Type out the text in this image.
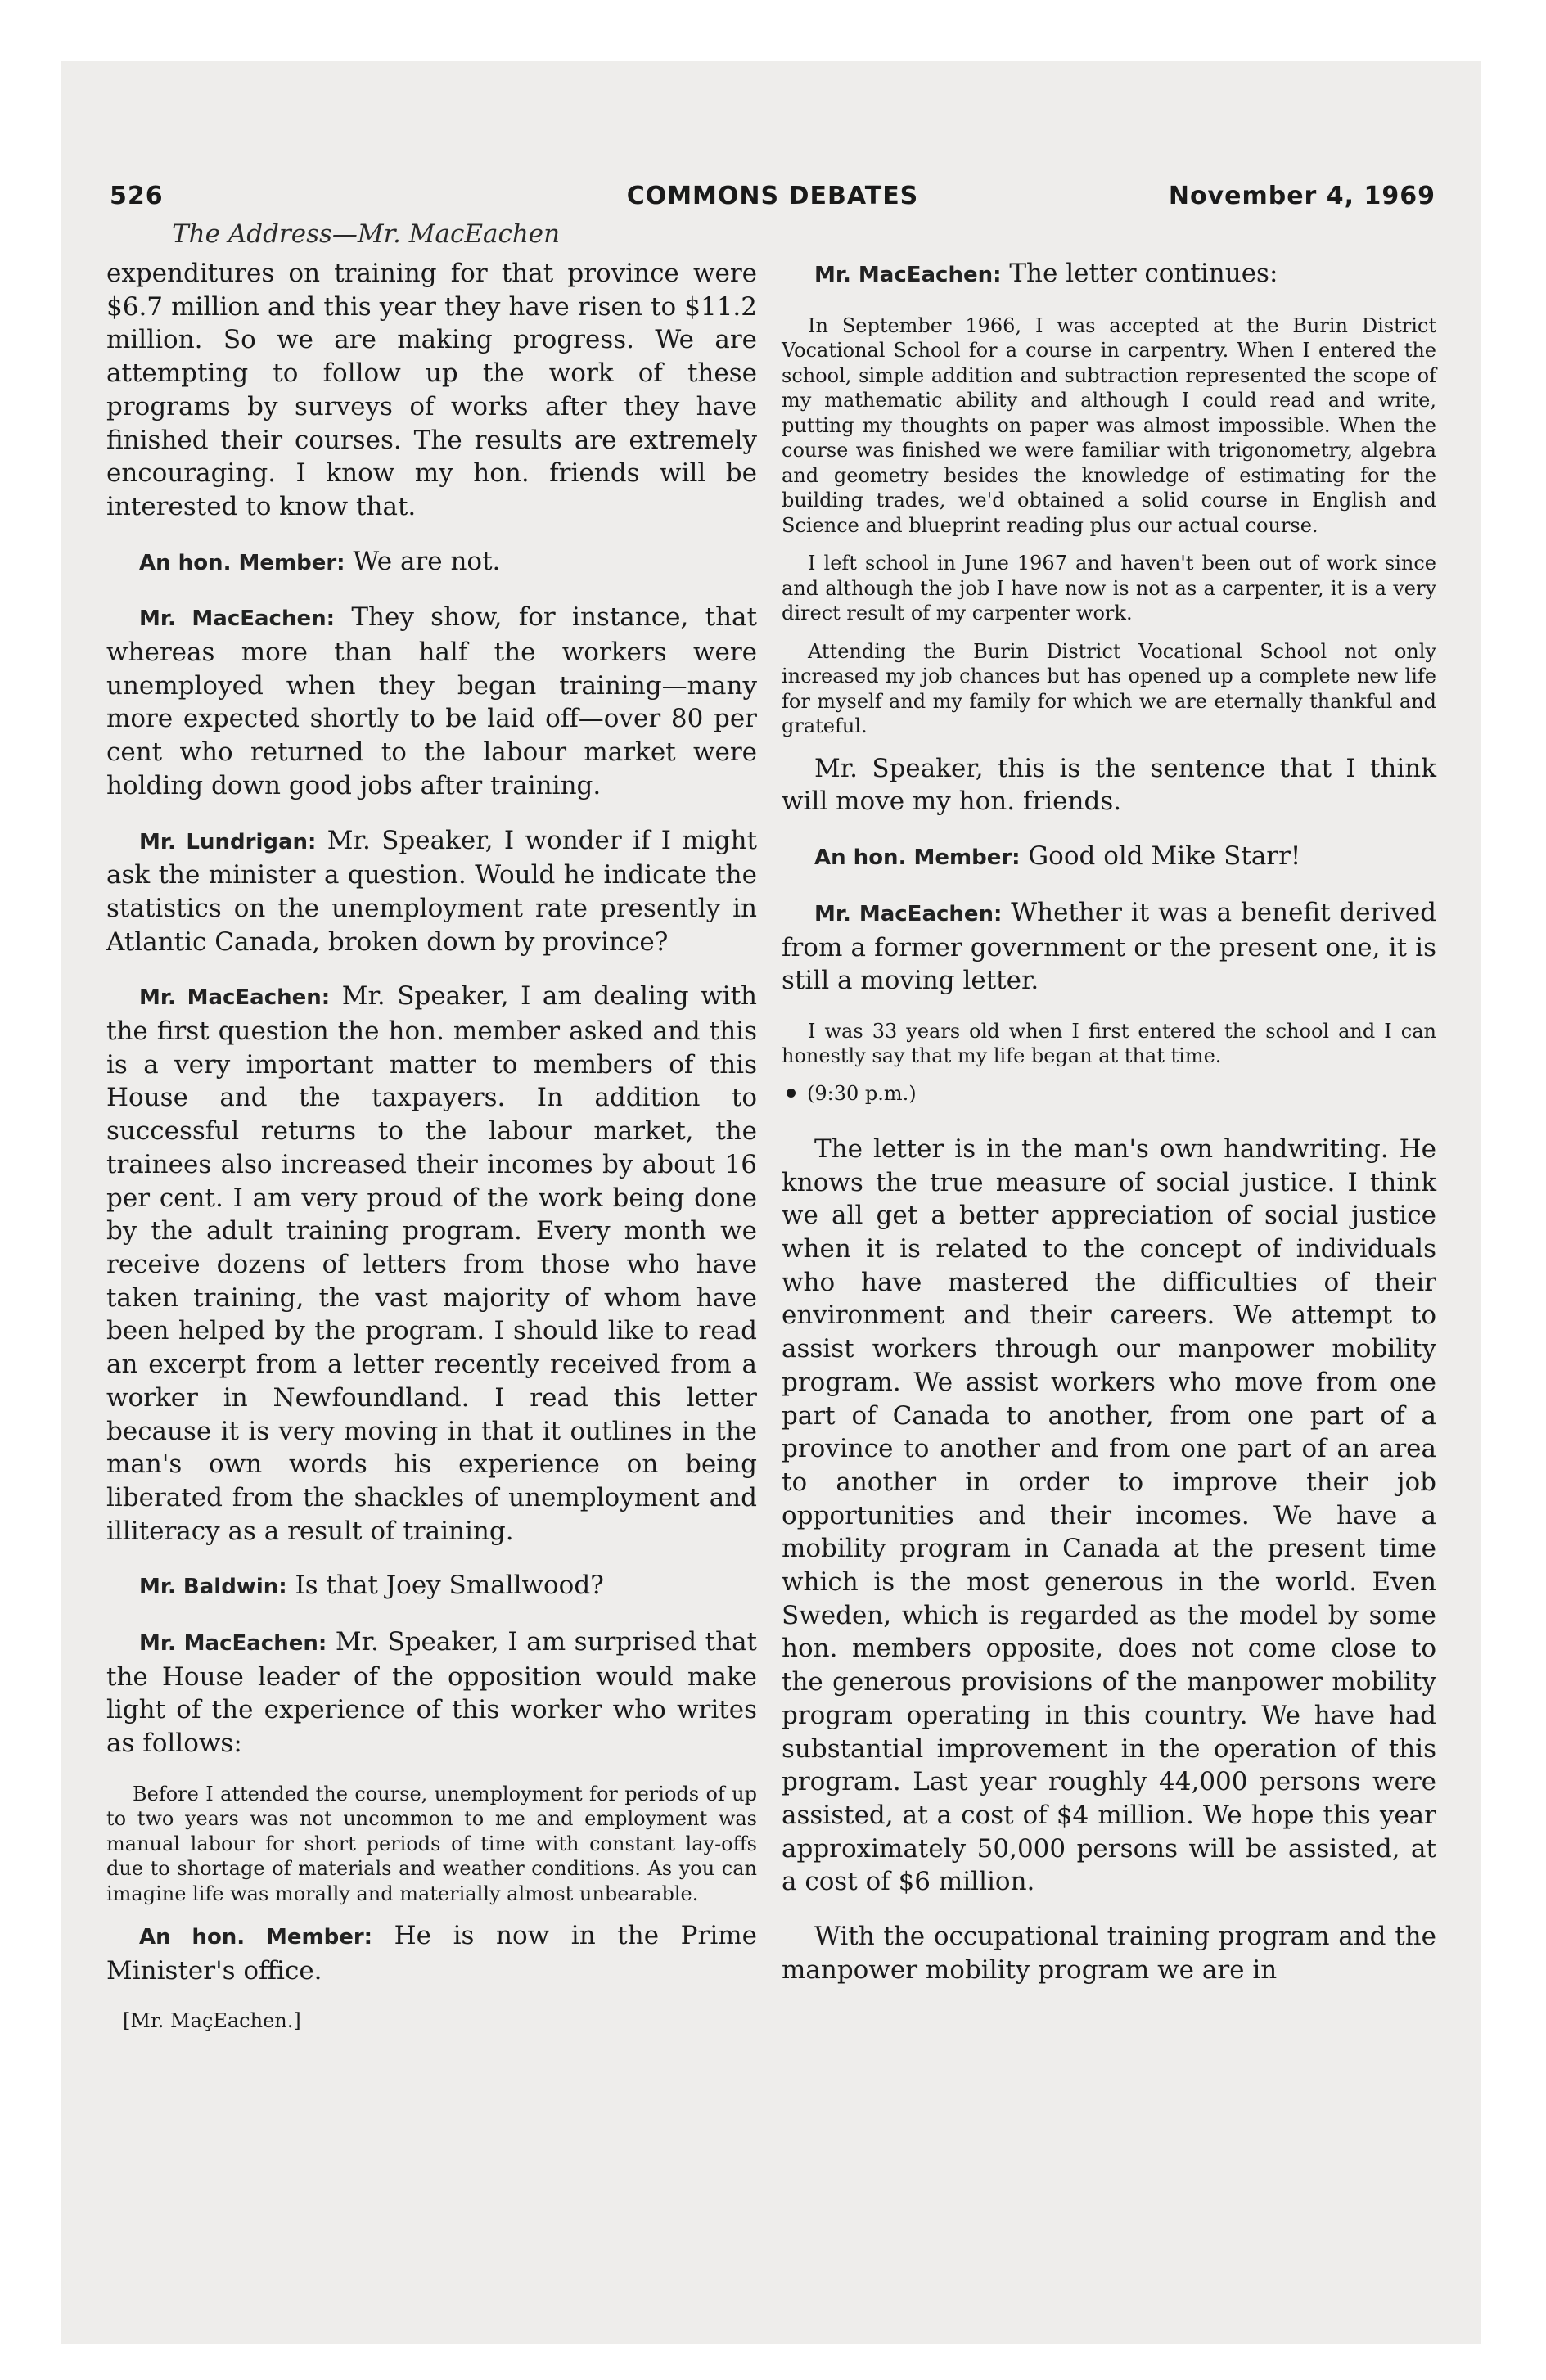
526	COMMONS DEBATES	November 4, 1969
The Address—Mr. MacEachen

expenditures on training for that province were $6.7 million and this year they have risen to $11.2 million. So we are making progress. We are attempting to follow up the work of these programs by surveys of works after they have finished their courses. The results are extremely encouraging. I know my hon. friends will be interested to know that.

An hon. Member: We are not.

Mr. MacEachen: They show, for instance, that whereas more than half the workers were unemployed when they began training—many more expected shortly to be laid off—over 80 per cent who returned to the labour market were holding down good jobs after training.

Mr. Lundrigan: Mr. Speaker, I wonder if I might ask the minister a question. Would he indicate the statistics on the unemployment rate presently in Atlantic Canada, broken down by province?

Mr. MacEachen: Mr. Speaker, I am dealing with the first question the hon. member asked and this is a very important matter to members of this House and the taxpayers. In addition to successful returns to the labour market, the trainees also increased their incomes by about 16 per cent. I am very proud of the work being done by the adult training program. Every month we receive dozens of letters from those who have taken training, the vast majority of whom have been helped by the program. I should like to read an excerpt from a letter recently received from a worker in Newfoundland. I read this letter because it is very moving in that it outlines in the man's own words his experience on being liberated from the shackles of unemployment and illiteracy as a result of training.

Mr. Baldwin: Is that Joey Smallwood?

Mr. MacEachen: Mr. Speaker, I am surprised that the House leader of the opposition would make light of the experience of this worker who writes as follows:

Before I attended the course, unemployment for periods of up to two years was not uncommon to me and employment was manual labour for short periods of time with constant lay-offs due to shortage of materials and weather conditions. As you can imagine life was morally and materially almost unbearable.

An hon. Member: He is now in the Prime Minister's office.

[Mr. MaçEachen.]

Mr. MacEachen: The letter continues:

In September 1966, I was accepted at the Burin District Vocational School for a course in carpentry. When I entered the school, simple addition and subtraction represented the scope of my mathematic ability and although I could read and write, putting my thoughts on paper was almost impossible. When the course was finished we were familiar with trigonometry, algebra and geometry besides the knowledge of estimating for the building trades, we'd obtained a solid course in English and Science and blueprint reading plus our actual course.

I left school in June 1967 and haven't been out of work since and although the job I have now is not as a carpenter, it is a very direct result of my carpenter work.

Attending the Burin District Vocational School not only increased my job chances but has opened up a complete new life for myself and my family for which we are eternally thankful and grateful.

Mr. Speaker, this is the sentence that I think will move my hon. friends.

An hon. Member: Good old Mike Starr!

Mr. MacEachen: Whether it was a benefit derived from a former government or the present one, it is still a moving letter.

I was 33 years old when I first entered the school and I can honestly say that my life began at that time.

(9:30 p.m.)

The letter is in the man's own handwriting. He knows the true measure of social justice. I think we all get a better appreciation of social justice when it is related to the concept of individuals who have mastered the difficulties of their environment and their careers. We attempt to assist workers through our manpower mobility program. We assist workers who move from one part of Canada to another, from one part of a province to another and from one part of an area to another in order to improve their job opportunities and their incomes. We have a mobility program in Canada at the present time which is the most generous in the world. Even Sweden, which is regarded as the model by some hon. members opposite, does not come close to the generous provisions of the manpower mobility program operating in this country. We have had substantial improvement in the operation of this program. Last year roughly 44,000 persons were assisted, at a cost of $4 million. We hope this year approximately 50,000 persons will be assisted, at a cost of $6 million.

With the occupational training program and the manpower mobility program we are in
